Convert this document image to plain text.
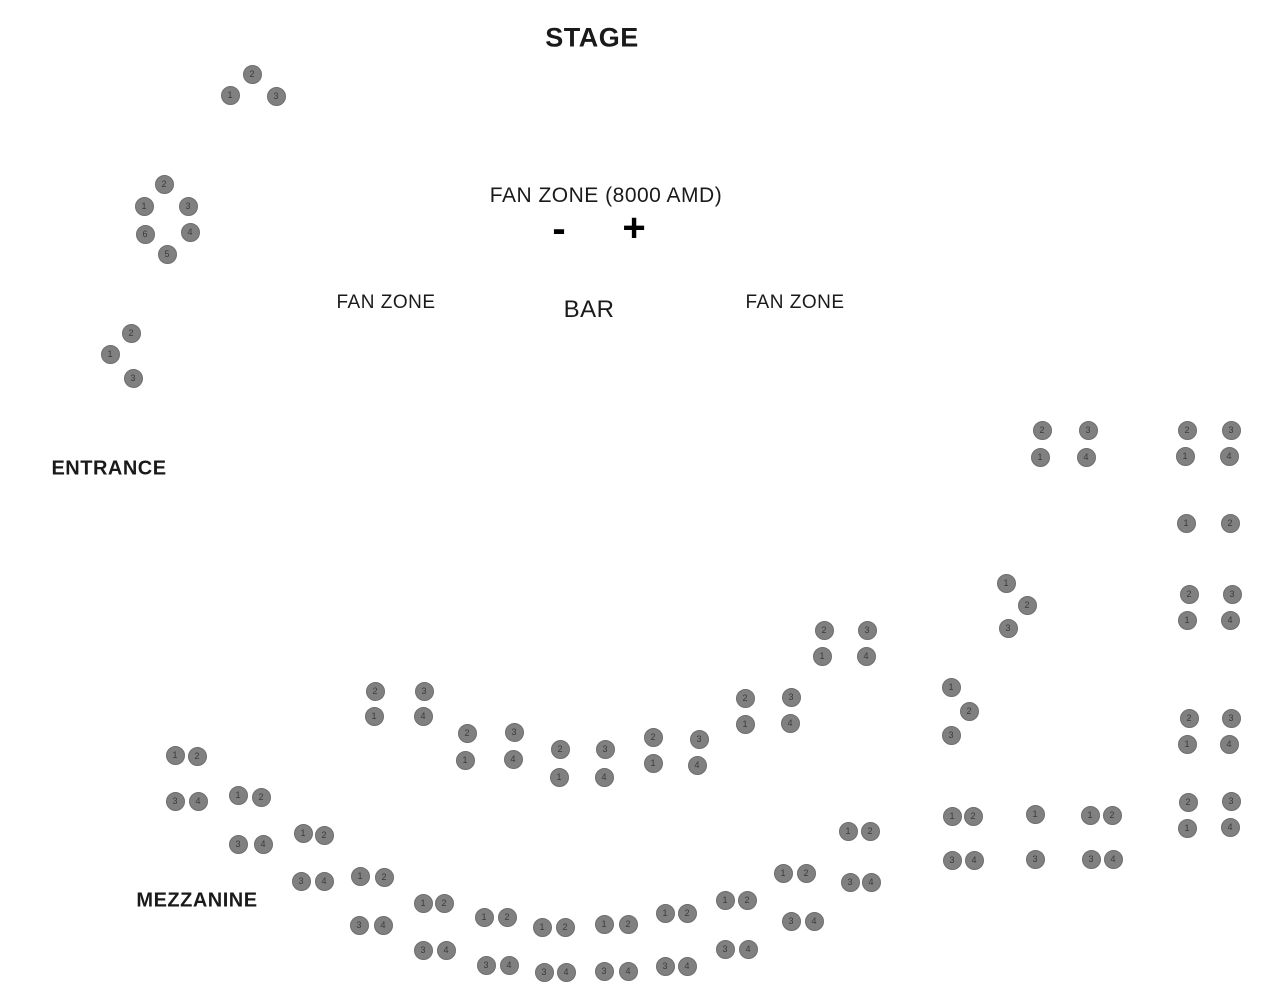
STAGE
FAN ZONE (8000 AMD)
FAN ZONE	BAR	FAN ZONE
ENTRANCE
MEZZANINE
- +
2
1	3
2
1	3
6	4
5
2
1
3
2	3
1	4
2	3
1	4
1	2
1
2
3
2	3
1	4
2	3
1	4
1
2
3
2	3
1	4
2	3
1	4
2	3
1	4
2	3
1	4
2	3
1	4
2	3
1	4
1	2
3	4
1	2
3	4
1	2
3	4	1	2
3	4
1	2
3	4
1	2
3	4
1	2
3	4
1	2
3	4
1	2
3	4
1	2
3	4
1	2
3	4
1	2
3	4
1	2
3	4
1
3
1	2
3	4
2	3
1	4
